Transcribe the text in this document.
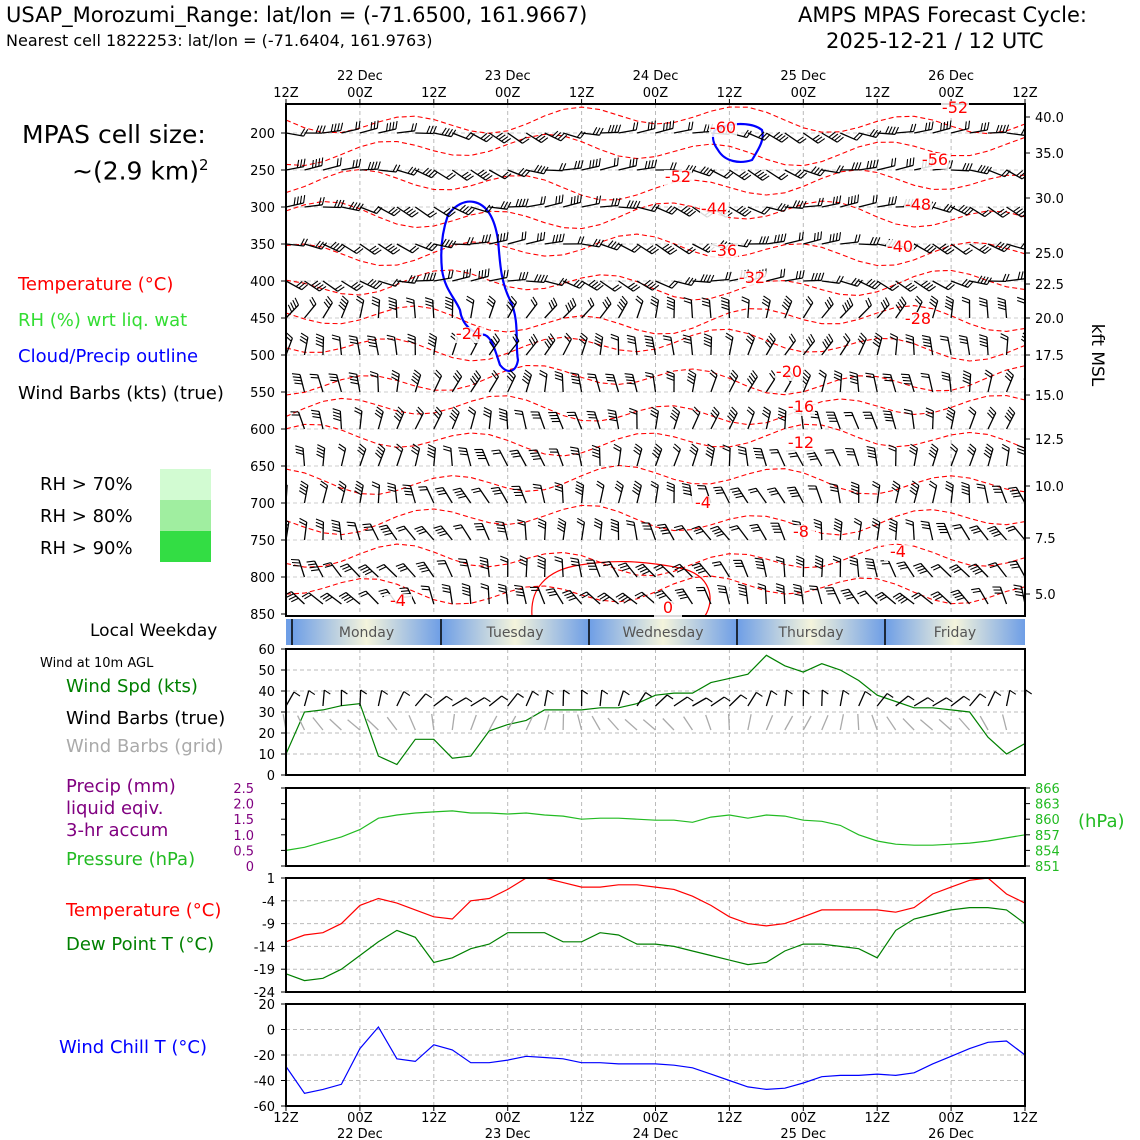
USAP_Morozumi_Range: lat/lon = (-71.6500, 161.9667)
Nearest cell 1822253: lat/lon = (-71.6404, 161.9763)
AMPS MPAS Forecast Cycle:
2025-12-21 / 12 UTC
MPAS cell size:
~(2.9 km)$^2$
Temperature (°C)
RH (%) wrt liq. wat
Cloud/Precip outline
Wind Barbs (kts) (true)
RH > 70%
RH > 80%
RH > 90%
Local Weekday
Wind at 10m AGL
Wind Spd (kts)
Wind Barbs (true)
Wind Barbs (grid)
Precip (mm)
liquid eqiv.
3-hr accum
Pressure (hPa)
Temperature (°C)
Dew Point T (°C)
Wind Chill T (°C)
-60
-52
-56
-52
-48
-44
-40
-36
-32
-28
-24
-20
-16
-12
-8
-4
-4
-4	0
12Z	00Z	12Z	00Z	12Z	00Z	12Z	00Z	12Z	00Z	12Z
22 Dec	23 Dec	24 Dec	25 Dec	26 Dec
200
250
300
350
400
450
500
550
600
650
700
750
800
850
40.0
35.0
30.0
25.0
22.5
20.0
17.5
15.0
12.5
10.0
7.5
5.0
kft MSL
Monday	Tuesday	Wednesday	Thursday	Friday
0
10
20
30
40
50
60
0
0.5
1.0
1.5
2.0
2.5
851
854
857
860
863
866
(hPa)
1
-4
-9
-14
-19
-24
20
0
-20
-40
-60
12Z	00Z	12Z	00Z	12Z	00Z	12Z	00Z	12Z	00Z	12Z
22 Dec	23 Dec	24 Dec	25 Dec	26 Dec
